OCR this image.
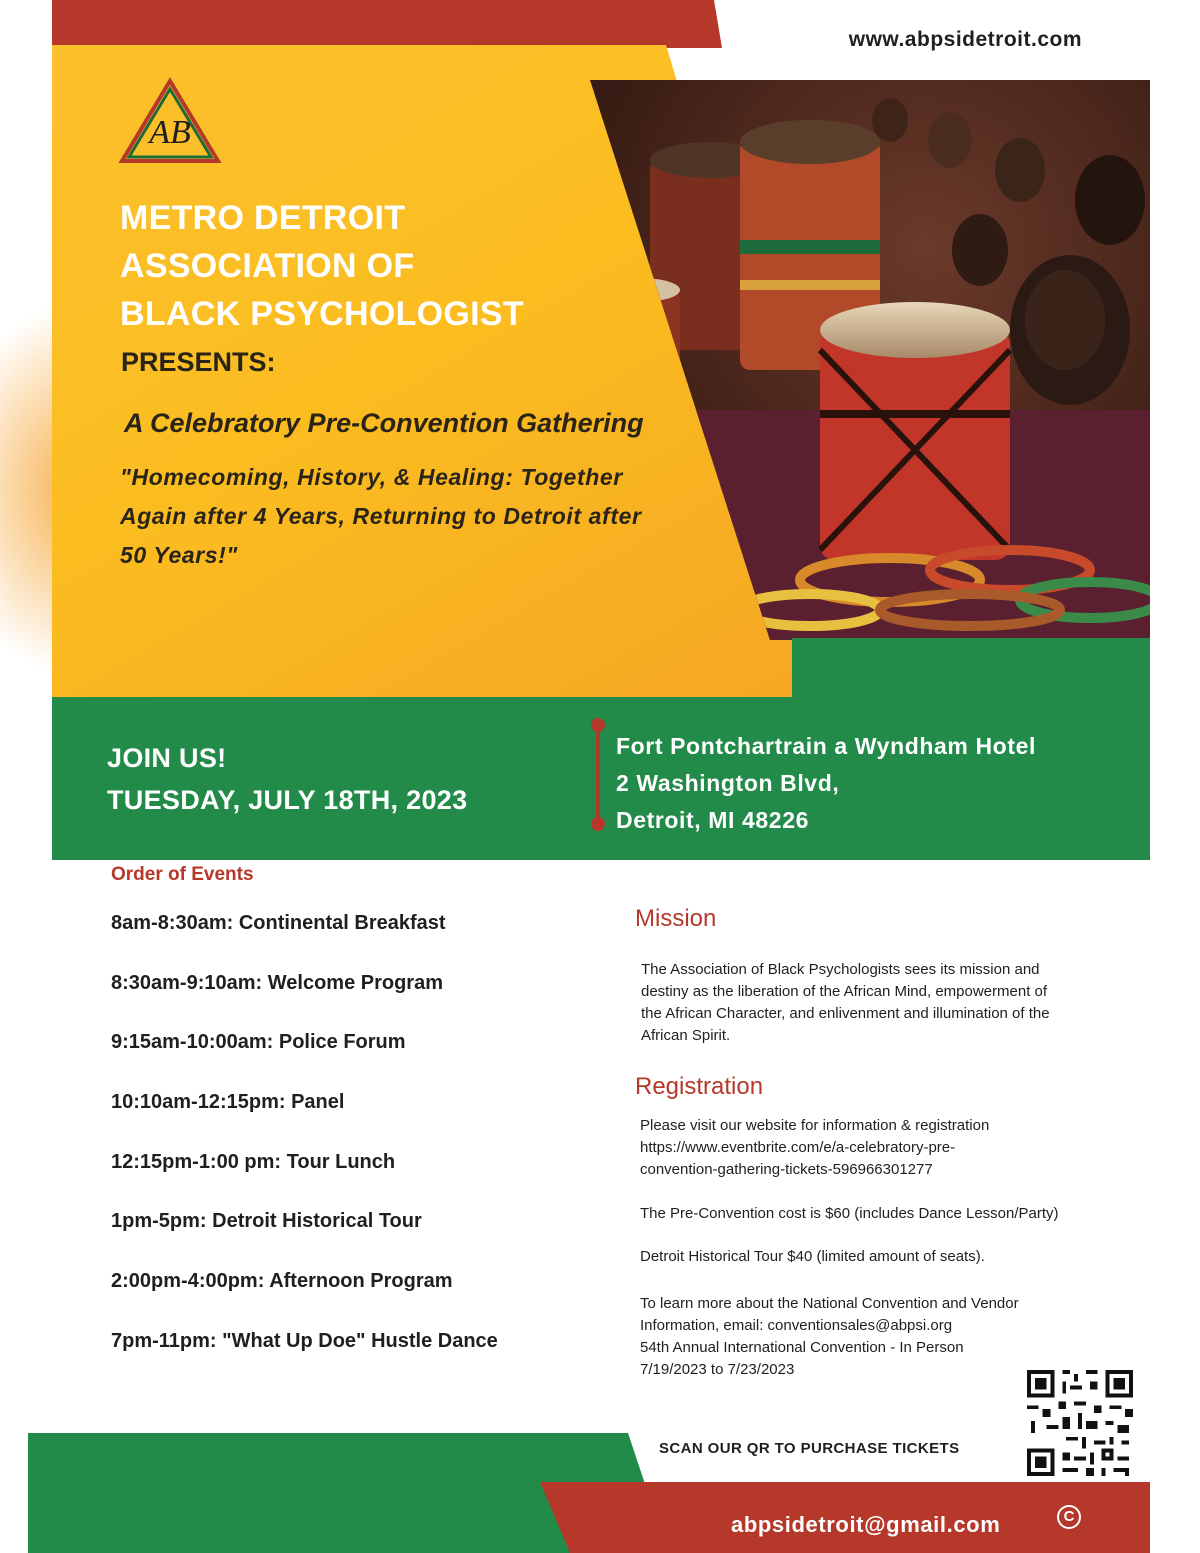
www.abpsidetroit.com
AB
METRO DETROIT
ASSOCIATION OF
BLACK PSYCHOLOGIST
PRESENTS:
A Celebratory Pre-Convention Gathering
"Homecoming, History, & Healing: Together
Again after 4 Years, Returning to Detroit after
50 Years!"
JOIN US!
TUESDAY, JULY 18TH, 2023
Fort Pontchartrain a Wyndham Hotel
2 Washington Blvd,
Detroit, MI 48226
Order of Events
8am-8:30am: Continental Breakfast
8:30am-9:10am: Welcome Program
9:15am-10:00am: Police Forum
10:10am-12:15pm: Panel
12:15pm-1:00 pm: Tour Lunch
1pm-5pm: Detroit Historical Tour
2:00pm-4:00pm: Afternoon Program
7pm-11pm: "What Up Doe" Hustle Dance
Mission
The Association of Black Psychologists sees its mission and
destiny as the liberation of the African Mind, empowerment of
the African Character, and enlivenment and illumination of the
African Spirit.
Registration
Please visit our website for information & registration
https://www.eventbrite.com/e/a-celebratory-pre-
convention-gathering-tickets-596966301277
The Pre-Convention cost is $60 (includes Dance Lesson/Party)
Detroit Historical Tour $40 (limited amount of seats).
To learn more about the National Convention and Vendor
Information, email: conventionsales@abpsi.org
54th Annual International Convention - In Person
7/19/2023 to 7/23/2023
SCAN OUR QR TO PURCHASE TICKETS
abpsidetroit@gmail.com	C
